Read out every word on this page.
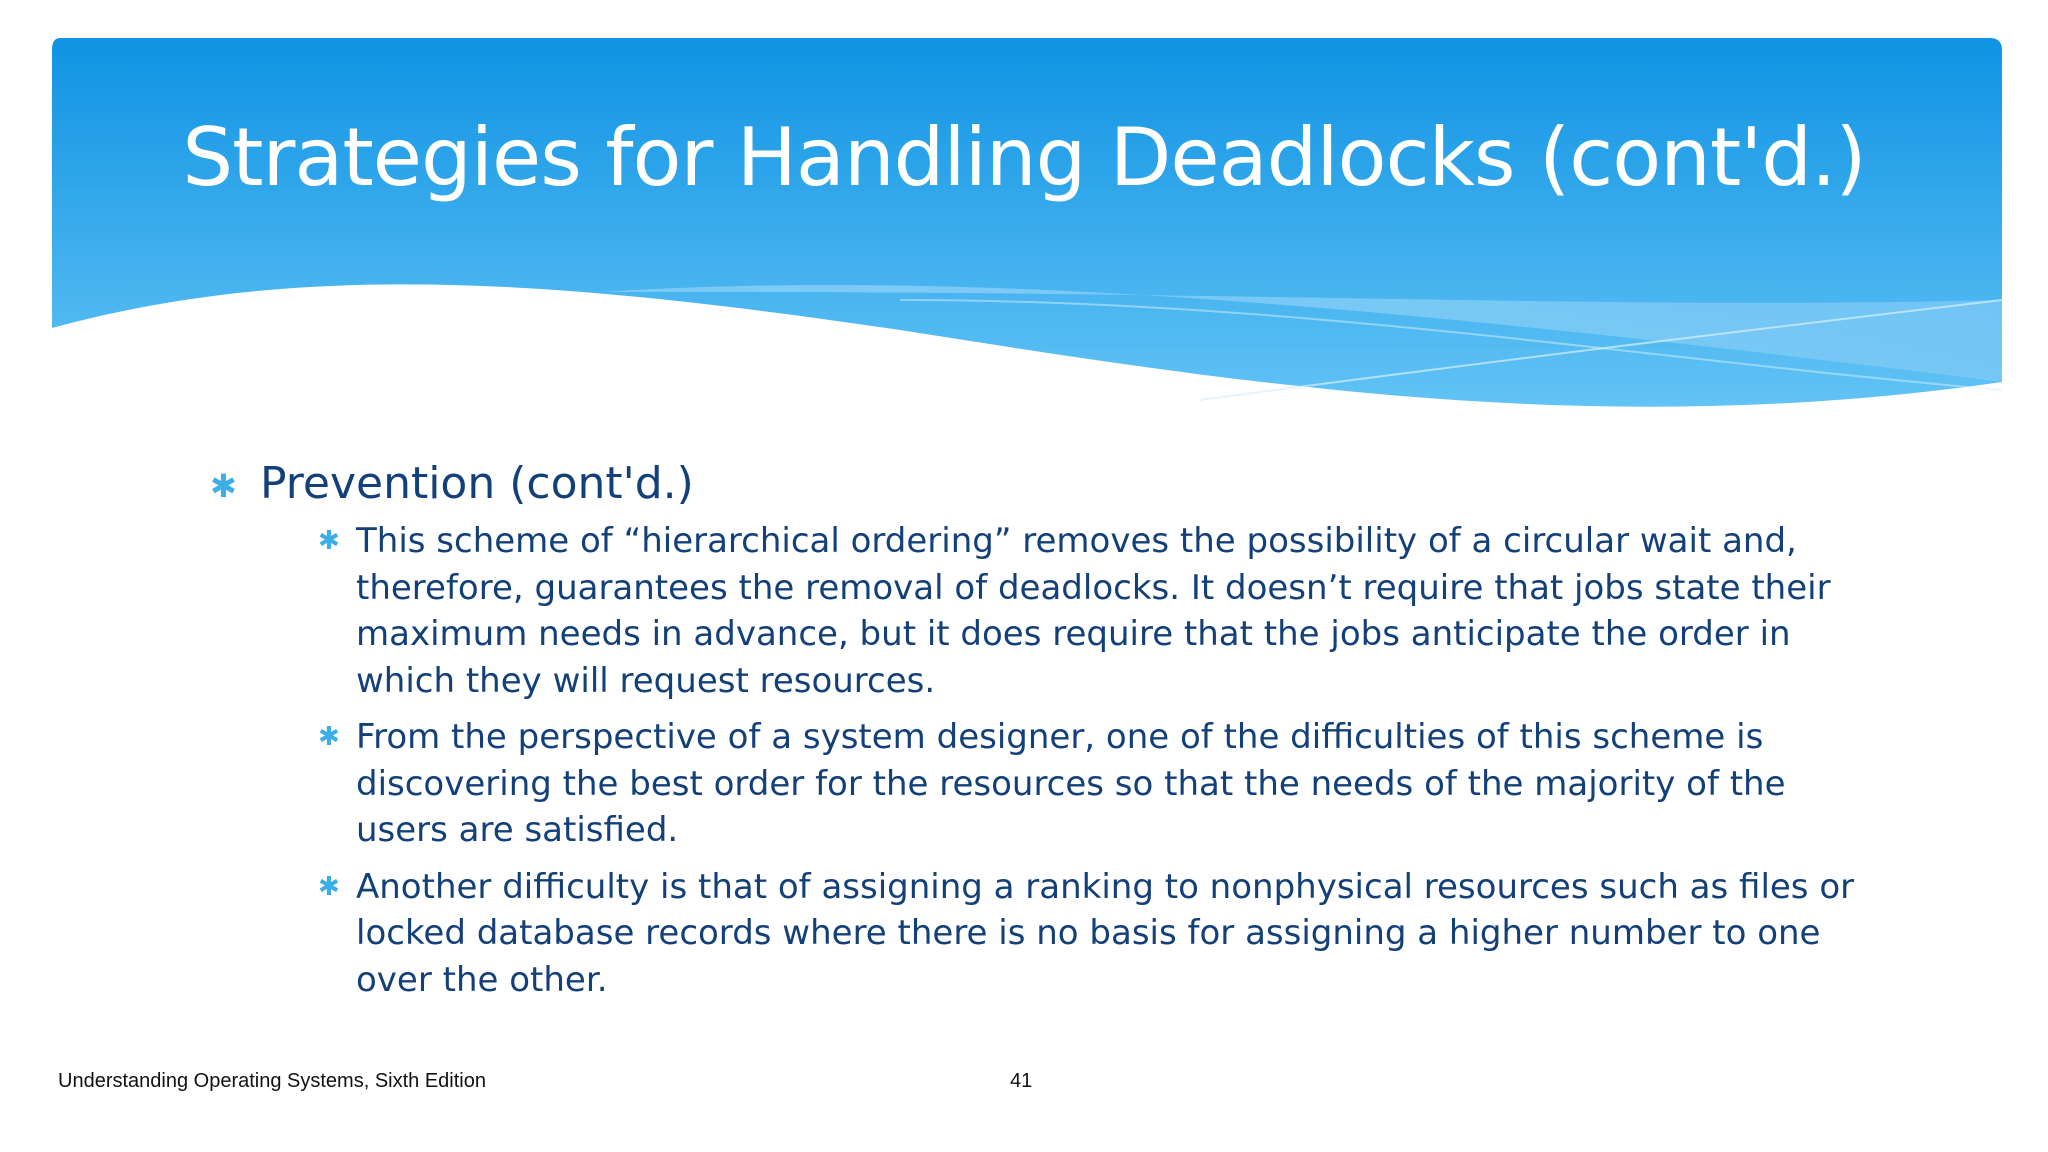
Strategies for Handling Deadlocks (cont'd.)
✱ Prevention (cont'd.)
✱ This scheme of “hierarchical ordering” removes the possibility of a circular wait and, therefore, guarantees the removal of deadlocks. It doesn’t require that jobs state their maximum needs in advance, but it does require that the jobs anticipate the order in which they will request resources.
✱ From the perspective of a system designer, one of the difficulties of this scheme is discovering the best order for the resources so that the needs of the majority of the users are satisfied.
✱ Another difficulty is that of assigning a ranking to nonphysical resources such as files or locked database records where there is no basis for assigning a higher number to one over the other.
Understanding Operating Systems, Sixth Edition	41
